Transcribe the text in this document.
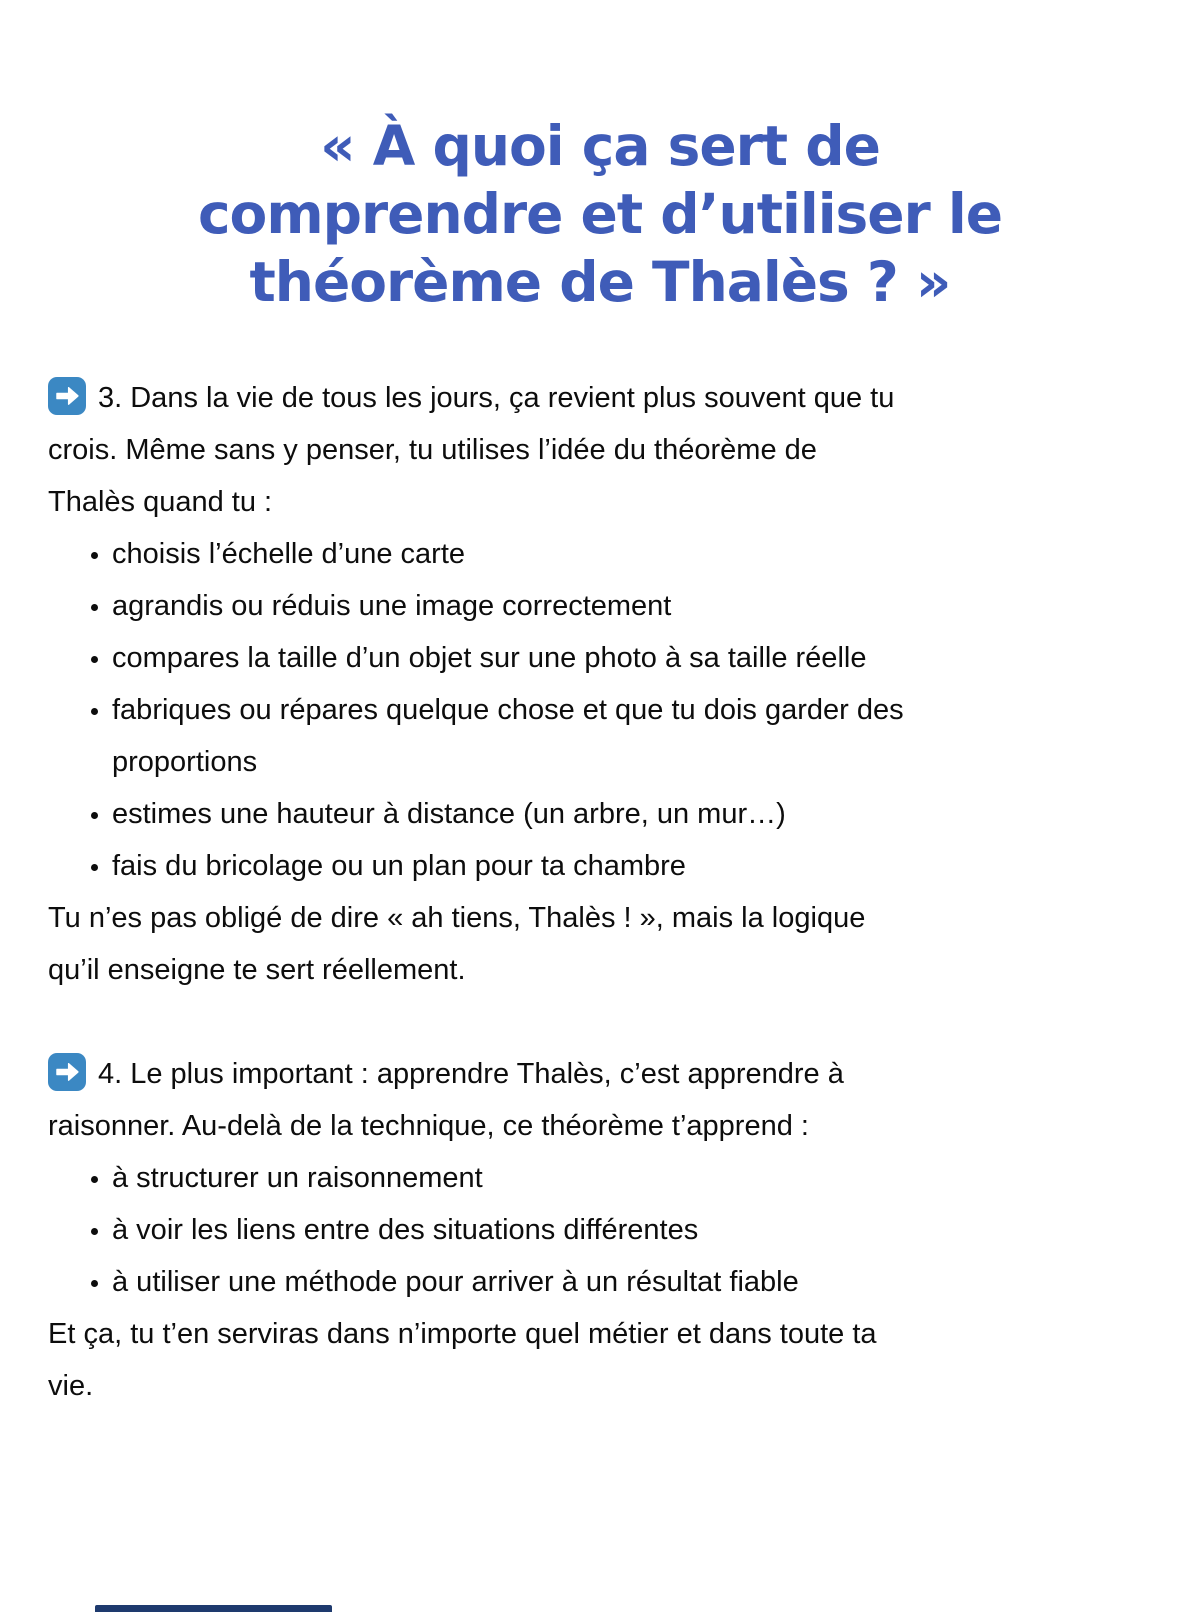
« À quoi ça sert de
comprendre et d’utiliser le
théorème de Thalès ? »
3. Dans la vie de tous les jours, ça revient plus souvent que tu
crois. Même sans y penser, tu utilises l’idée du théorème de
Thalès quand tu :
• choisis l’échelle d’une carte
• agrandis ou réduis une image correctement
• compares la taille d’un objet sur une photo à sa taille réelle
• fabriques ou répares quelque chose et que tu dois garder des
proportions
• estimes une hauteur à distance (un arbre, un mur…)
• fais du bricolage ou un plan pour ta chambre
Tu n’es pas obligé de dire « ah tiens, Thalès ! », mais la logique
qu’il enseigne te sert réellement.
4. Le plus important : apprendre Thalès, c’est apprendre à
raisonner. Au-delà de la technique, ce théorème t’apprend :
• à structurer un raisonnement
• à voir les liens entre des situations différentes
• à utiliser une méthode pour arriver à un résultat fiable
Et ça, tu t’en serviras dans n’importe quel métier et dans toute ta
vie.
